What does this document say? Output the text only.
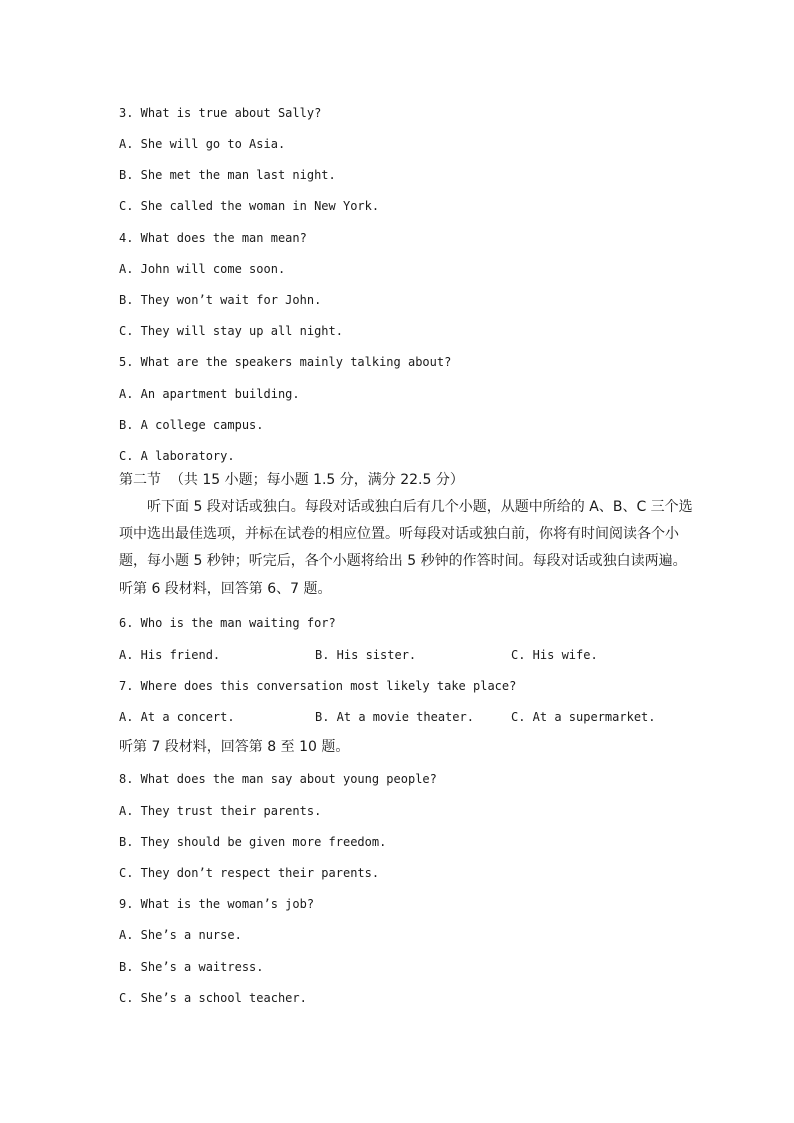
3. What is true about Sally?
A. She will go to Asia.
B. She met the man last night.
C. She called the woman in New York.
4. What does the man mean?
A. John will come soon.
B. They won’t wait for John.
C. They will stay up all night.
5. What are the speakers mainly talking about?
A. An apartment building.
B. A college campus.
C. A laboratory.
第二节  （共 15 小题；每小题 1.5 分，满分 22.5 分）
听下面 5 段对话或独白。每段对话或独白后有几个小题，从题中所给的 A、B、C 三个选
项中选出最佳选项，并标在试卷的相应位置。听每段对话或独白前，你将有时间阅读各个小
题，每小题 5 秒钟；听完后，各个小题将给出 5 秒钟的作答时间。每段对话或独白读两遍。
听第 6 段材料，回答第 6、7 题。
6. Who is the man waiting for?
A. His friend.	B. His sister.	C. His wife.
7. Where does this conversation most likely take place?
A. At a concert.	B. At a movie theater.	C. At a supermarket.
听第 7 段材料，回答第 8 至 10 题。
8. What does the man say about young people?
A. They trust their parents.
B. They should be given more freedom.
C. They don’t respect their parents.
9. What is the woman’s job?
A. She’s a nurse.
B. She’s a waitress.
C. She’s a school teacher.
